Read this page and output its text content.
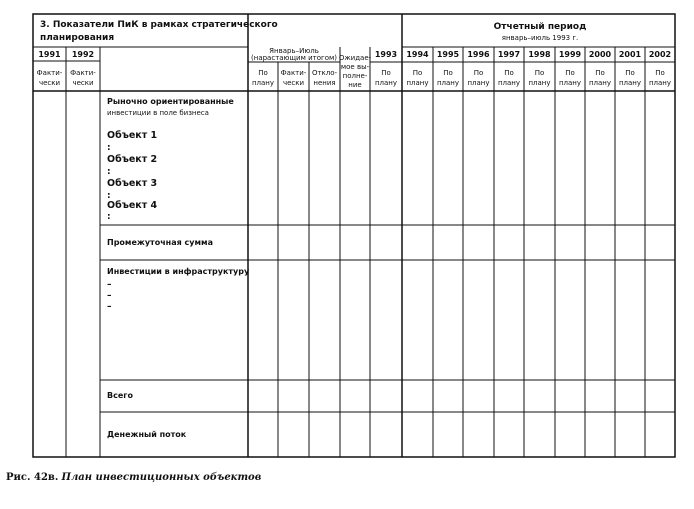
3. Показатели ПиК в рамках стратегического
планирования
Отчетный период
январь–июль 1993 г.
1991
Факти-
чески
1992
Факти-
чески
Январь–Июль
(нарастающим итогом)
По
плану
Факти-
чески
Откло-
нения
Ожидае-
мое вы-
полне-
ние
1993 1994 1995 1996 1997 1998 1999 2000 2001 2002
По
плану
По
плану
По
плану
По
плану
По
плану
По
плану
По
плану
По
плану
По
плану
По
плану
Рыночно ориентированные
инвестиции в поле бизнеса
Объект 1
:
Объект 2
:
Объект 3
:
Объект 4
:
Промежуточная сумма
Инвестиции в инфраструктуру
–
–
–
Всего
Денежный поток
Рис. 42в. План инвестиционных объектов
